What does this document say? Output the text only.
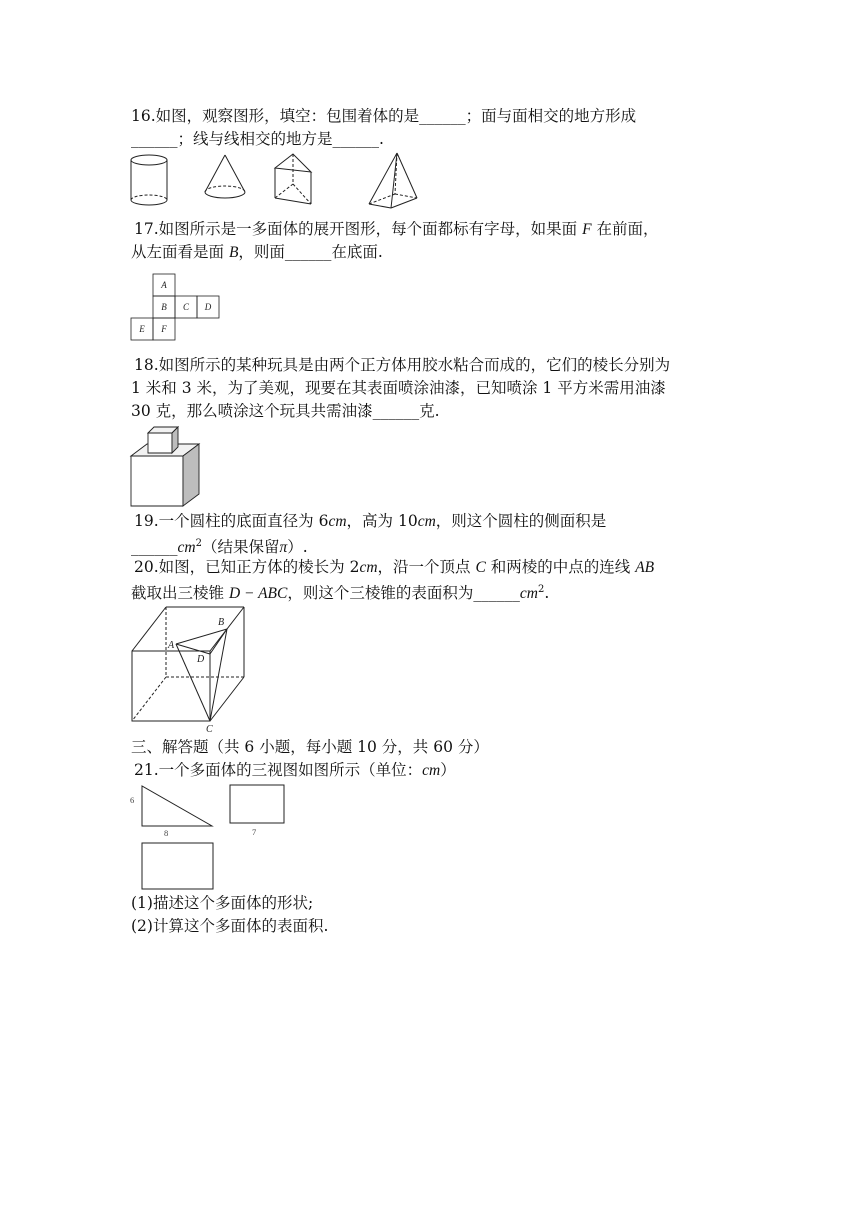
16.如图，观察图形，填空：包围着体的是______；面与面相交的地方形成
______；线与线相交的地方是______.
17.如图所示是一多面体的展开图形，每个面都标有字母，如果面 F 在前面，
从左面看是面 B，则面______在底面.
A
B C D
E F
18.如图所示的某种玩具是由两个正方体用胶水粘合而成的，它们的棱长分别为
1 米和 3 米，为了美观，现要在其表面喷涂油漆，已知喷涂 1 平方米需用油漆
30 克，那么喷涂这个玩具共需油漆______克.
19.一个圆柱的底面直径为 6cm，高为 10cm，则这个圆柱的侧面积是
$\_\_\_\_\_\_cm^2$（结果保留π）.
20.如图，已知正方体的棱长为 2cm，沿一个顶点 C 和两棱的中点的连线 AB
截取出三棱锥 D − ABC，则这个三棱锥的表面积为$\_\_\_\_\_\_cm^2$.
A
B
D
C
三、解答题（共 6 小题，每小题 10 分，共 60 分）
21.一个多面体的三视图如图所示（单位：cm）
6
8	7
(1)描述这个多面体的形状;
(2)计算这个多面体的表面积.
